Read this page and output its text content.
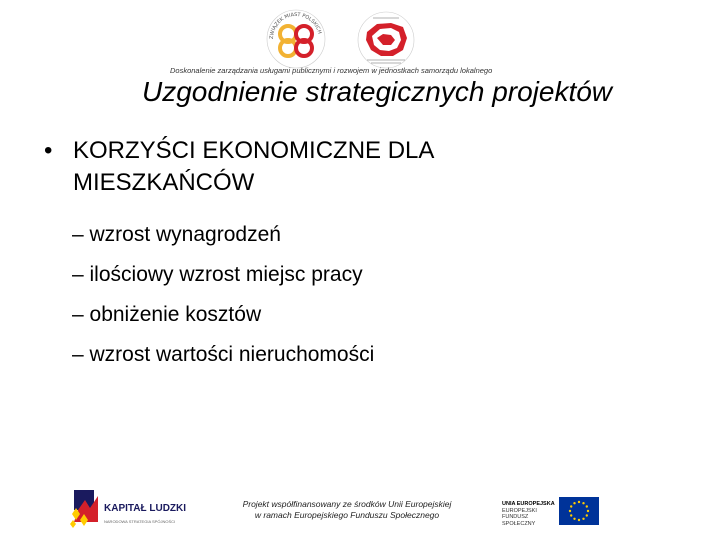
ZWIĄZEK MIAST POLSKICH
Doskonalenie zarządzania usługami publicznymi i rozwojem w jednostkach samorządu lokalnego
Uzgodnienie strategicznych projektów
• KORZYŚCI EKONOMICZNE DLA MIESZKAŃCÓW
– wzrost wynagrodzeń
– ilościowy wzrost miejsc pracy
– obniżenie kosztów
– wzrost wartości nieruchomości
KAPITAŁ LUDZKI
NARODOWA STRATEGIA SPÓJNOŚCI
Projekt współfinansowany ze środków Unii Europejskiej
w ramach Europejskiego Funduszu Społecznego
UNIA EUROPEJSKA
EUROPEJSKI
FUNDUSZ SPOŁECZNY
